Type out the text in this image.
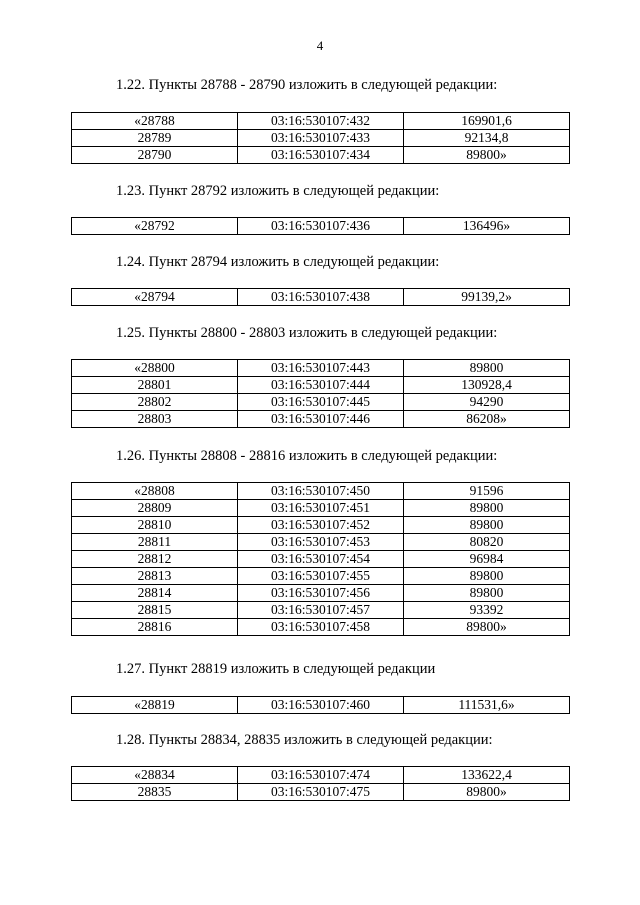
4
1.22. Пункты 28788 - 28790 изложить в следующей редакции:
«28788	03:16:530107:432	169901,6
28789	03:16:530107:433	92134,8
28790	03:16:530107:434	89800»
1.23. Пункт 28792 изложить в следующей редакции:
«28792	03:16:530107:436	136496»
1.24. Пункт 28794 изложить в следующей редакции:
«28794	03:16:530107:438	99139,2»
1.25. Пункты 28800 - 28803 изложить в следующей редакции:
«28800	03:16:530107:443	89800
28801	03:16:530107:444	130928,4
28802	03:16:530107:445	94290
28803	03:16:530107:446	86208»
1.26. Пункты 28808 - 28816 изложить в следующей редакции:
«28808	03:16:530107:450	91596
28809	03:16:530107:451	89800
28810	03:16:530107:452	89800
28811	03:16:530107:453	80820
28812	03:16:530107:454	96984
28813	03:16:530107:455	89800
28814	03:16:530107:456	89800
28815	03:16:530107:457	93392
28816	03:16:530107:458	89800»
1.27. Пункт 28819 изложить в следующей редакции
«28819	03:16:530107:460	111531,6»
1.28. Пункты 28834, 28835 изложить в следующей редакции:
«28834	03:16:530107:474	133622,4
28835	03:16:530107:475	89800»
